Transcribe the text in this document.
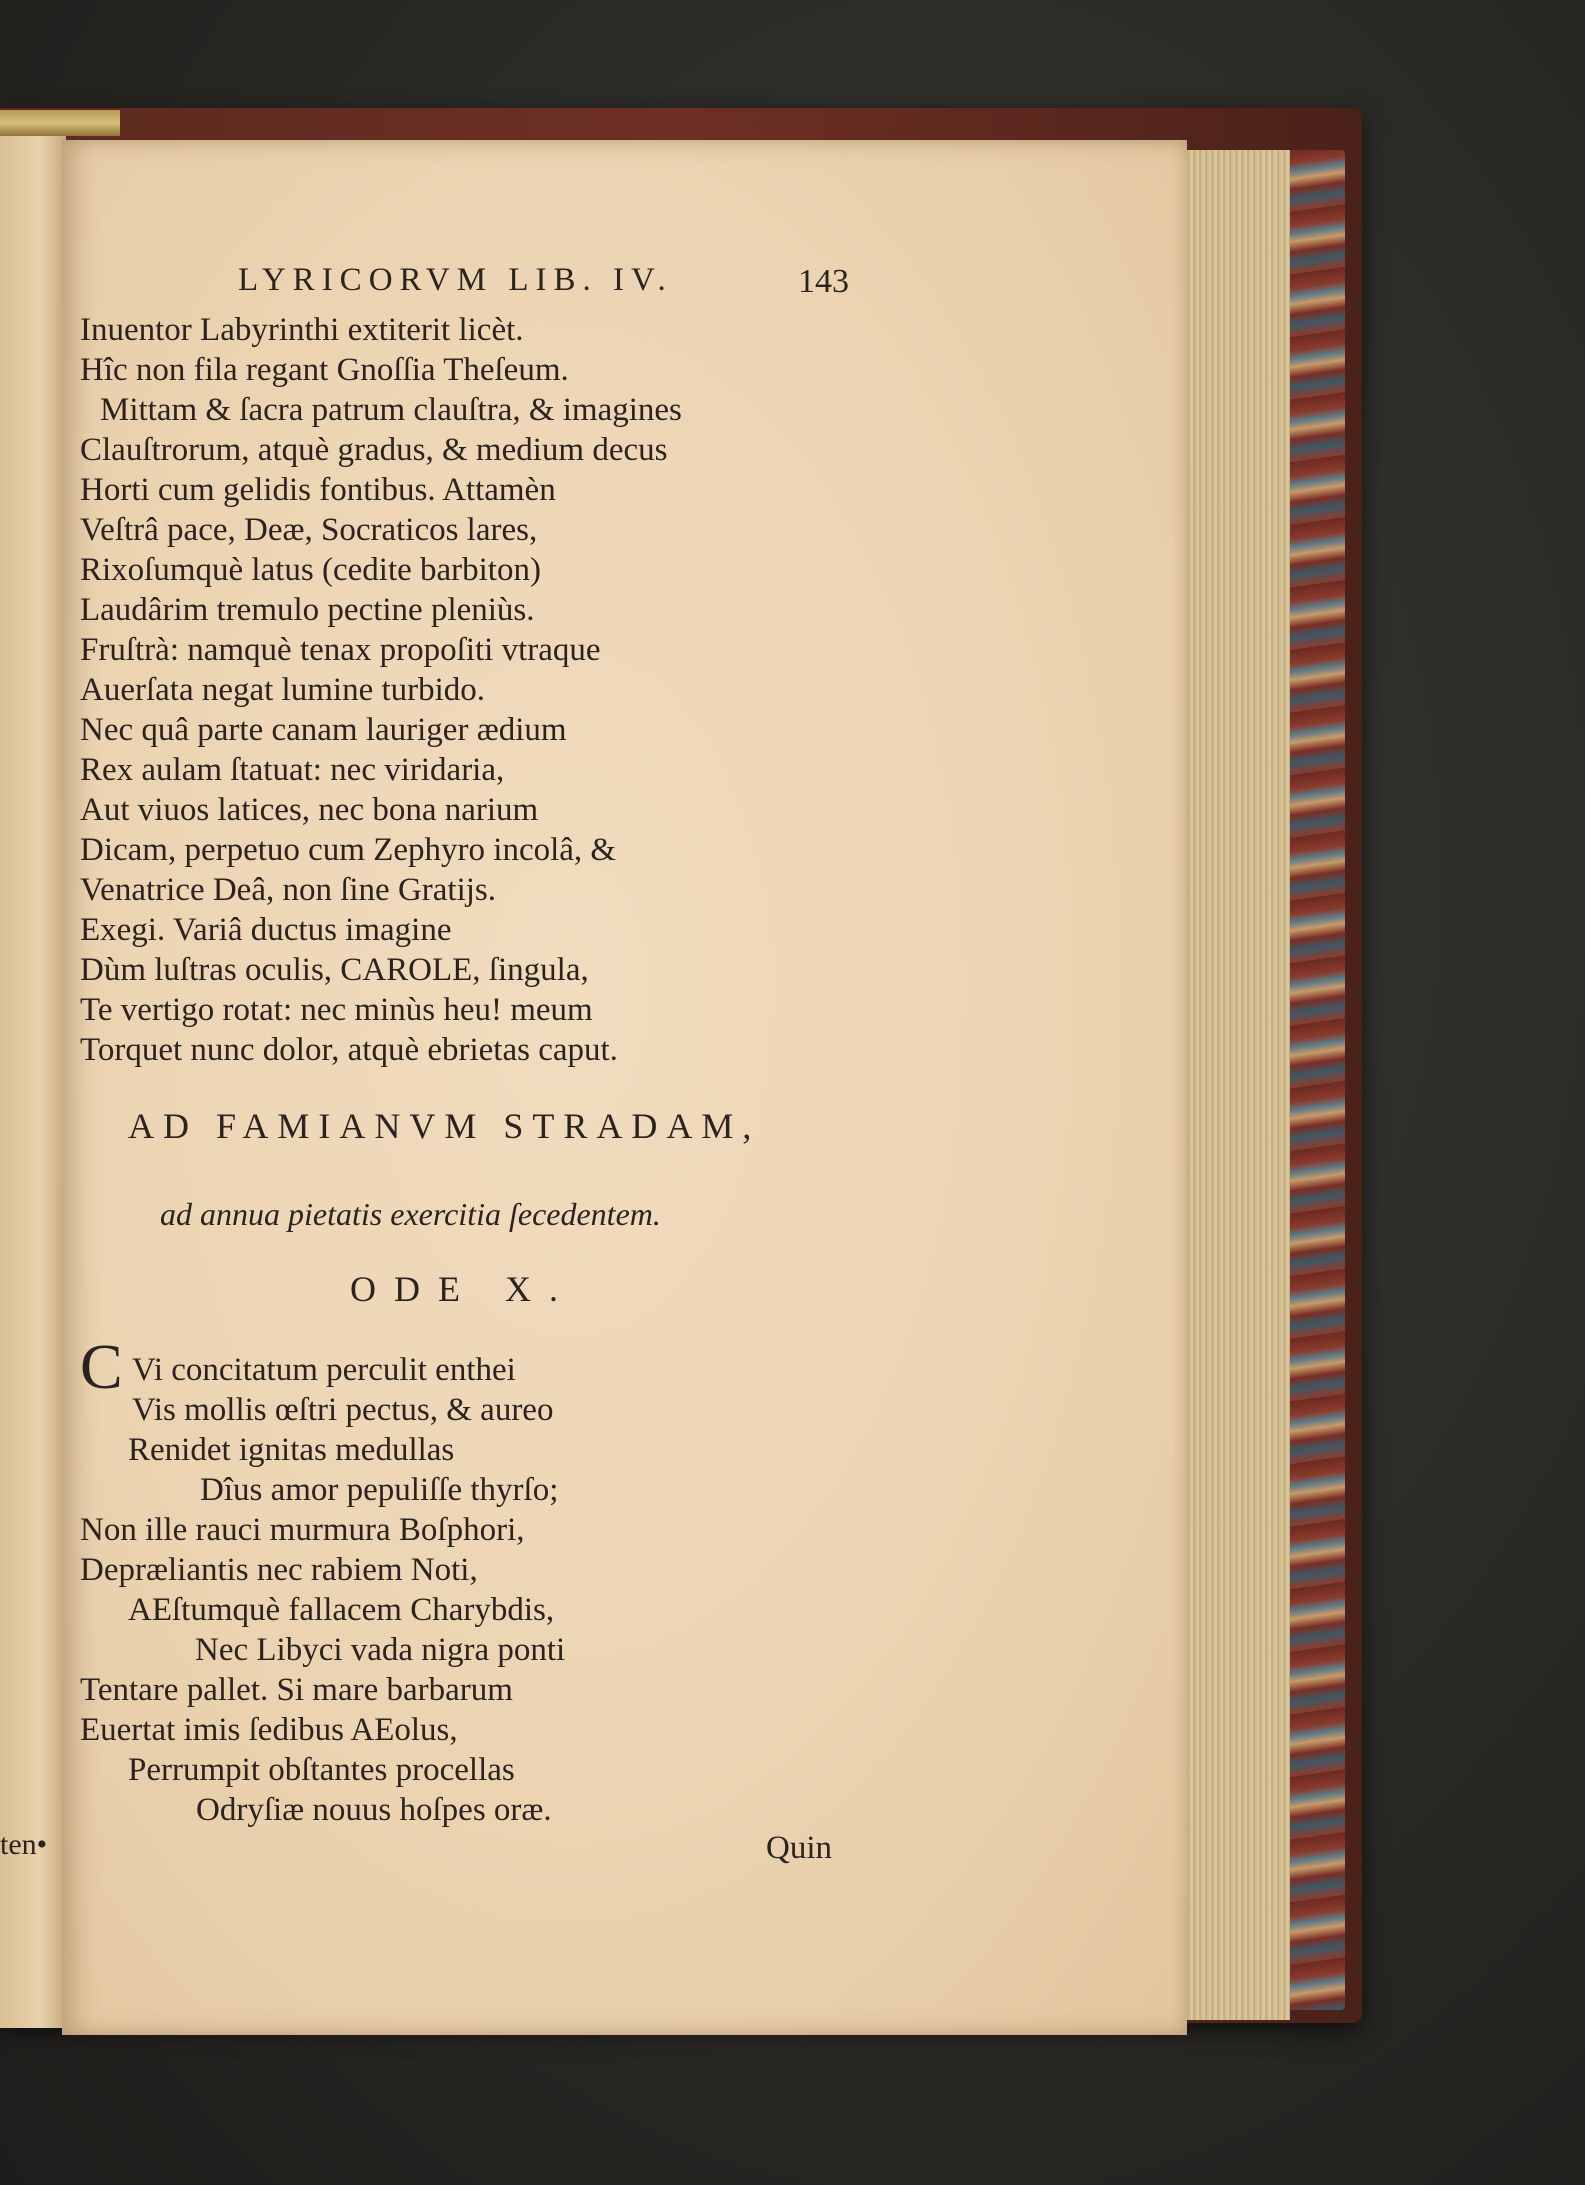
ten•
LYRICORVM LIB. IV.	143
Inuentor Labyrinthi extiterit licèt.
Hîc non fila regant Gnoſſia Theſeum.
Mittam & ſacra patrum clauſtra, & imagines
Clauſtrorum, atquè gradus, & medium decus
Horti cum gelidis fontibus. Attamèn
Veſtrâ pace, Deæ, Socraticos lares,
Rixoſumquè latus (cedite barbiton)
Laudârim tremulo pectine pleniùs.
Fruſtrà: namquè tenax propoſiti vtraque
Auerſata negat lumine turbido.
Nec quâ parte canam lauriger ædium
Rex aulam ſtatuat: nec viridaria,
Aut viuos latices, nec bona narium
Dicam, perpetuo cum Zephyro incolâ, &
Venatrice Deâ, non ſine Gratijs.
Exegi. Variâ ductus imagine
Dùm luſtras oculis, CAROLE, ſingula,
Te vertigo rotat: nec minùs heu! meum
Torquet nunc dolor, atquè ebrietas caput.
AD FAMIANVM STRADAM,
ad annua pietatis exercitia ſecedentem.
ODE X.
C Vi concitatum perculit enthei
Vis mollis œſtri pectus, & aureo
Renidet ignitas medullas
Dîus amor pepuliſſe thyrſo;
Non ille rauci murmura Boſphori,
Depræliantis nec rabiem Noti,
AEſtumquè fallacem Charybdis,
Nec Libyci vada nigra ponti
Tentare pallet. Si mare barbarum
Euertat imis ſedibus AEolus,
Perrumpit obſtantes procellas
Odryſiæ nouus hoſpes oræ.
Quin
